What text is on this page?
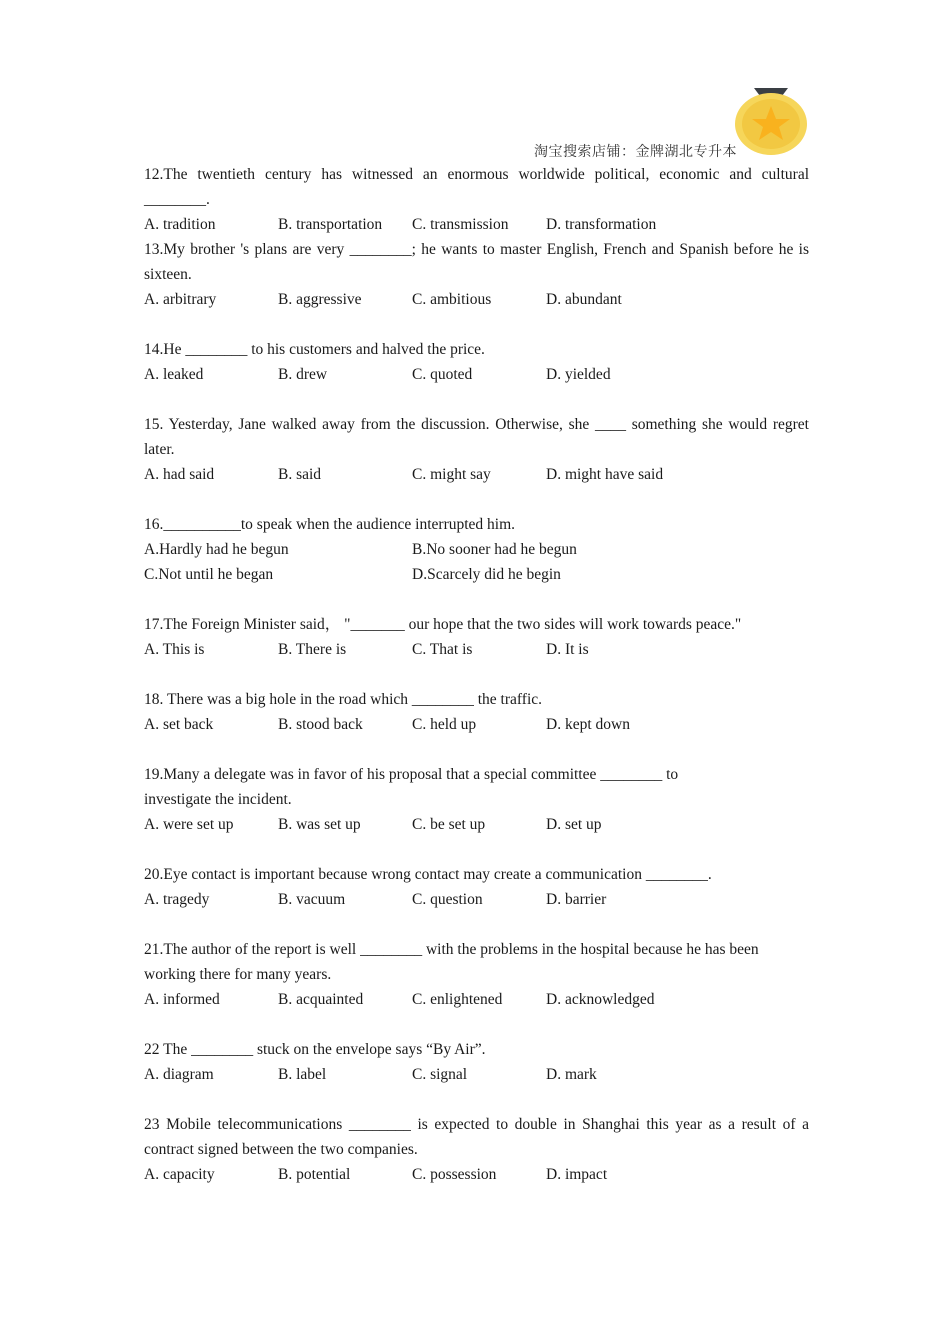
淘宝搜索店铺：金牌湖北专升本

12.The twentieth century has witnessed an enormous worldwide political, economic and cultural ________.

A. tradition	B. transportation	C. transmission	D. transformation

13.My brother 's plans are very ________; he wants to master English, French and Spanish before he is sixteen.

A. arbitrary	B. aggressive	C. ambitious	D. abundant

14.He ________ to his customers and halved the price.

A. leaked	B. drew	C. quoted	D. yielded

15. Yesterday, Jane walked away from the discussion. Otherwise, she ____ something she would regret later.

A. had said	B. said	C. might say	D. might have said

16.__________to speak when the audience interrupted him.

A.Hardly had he begun	B.No sooner had he begun
C.Not until he began	D.Scarcely did he begin

17.The Foreign Minister said， "_______ our hope that the two sides will work towards peace."

A. This is	B. There is	C. That is	D. It is

18. There was a big hole in the road which ________ the traffic.

A. set back	B. stood back	C. held up	D. kept down

19.Many a delegate was in favor of his proposal that a special committee ________ to investigate the incident.

A. were set up	B. was set up	C. be set up	D. set up

20.Eye contact is important because wrong contact may create a communication ________.

A. tragedy	B. vacuum	C. question	D. barrier

21.The author of the report is well ________ with the problems in the hospital because he has been working there for many years.

A. informed	B. acquainted	C. enlightened	D. acknowledged

22 The ________ stuck on the envelope says “By Air”.

A. diagram	B. label	C. signal	D. mark

23 Mobile telecommunications ________ is expected to double in Shanghai this year as a result of a contract signed between the two companies.

A. capacity	B. potential	C. possession	D. impact
